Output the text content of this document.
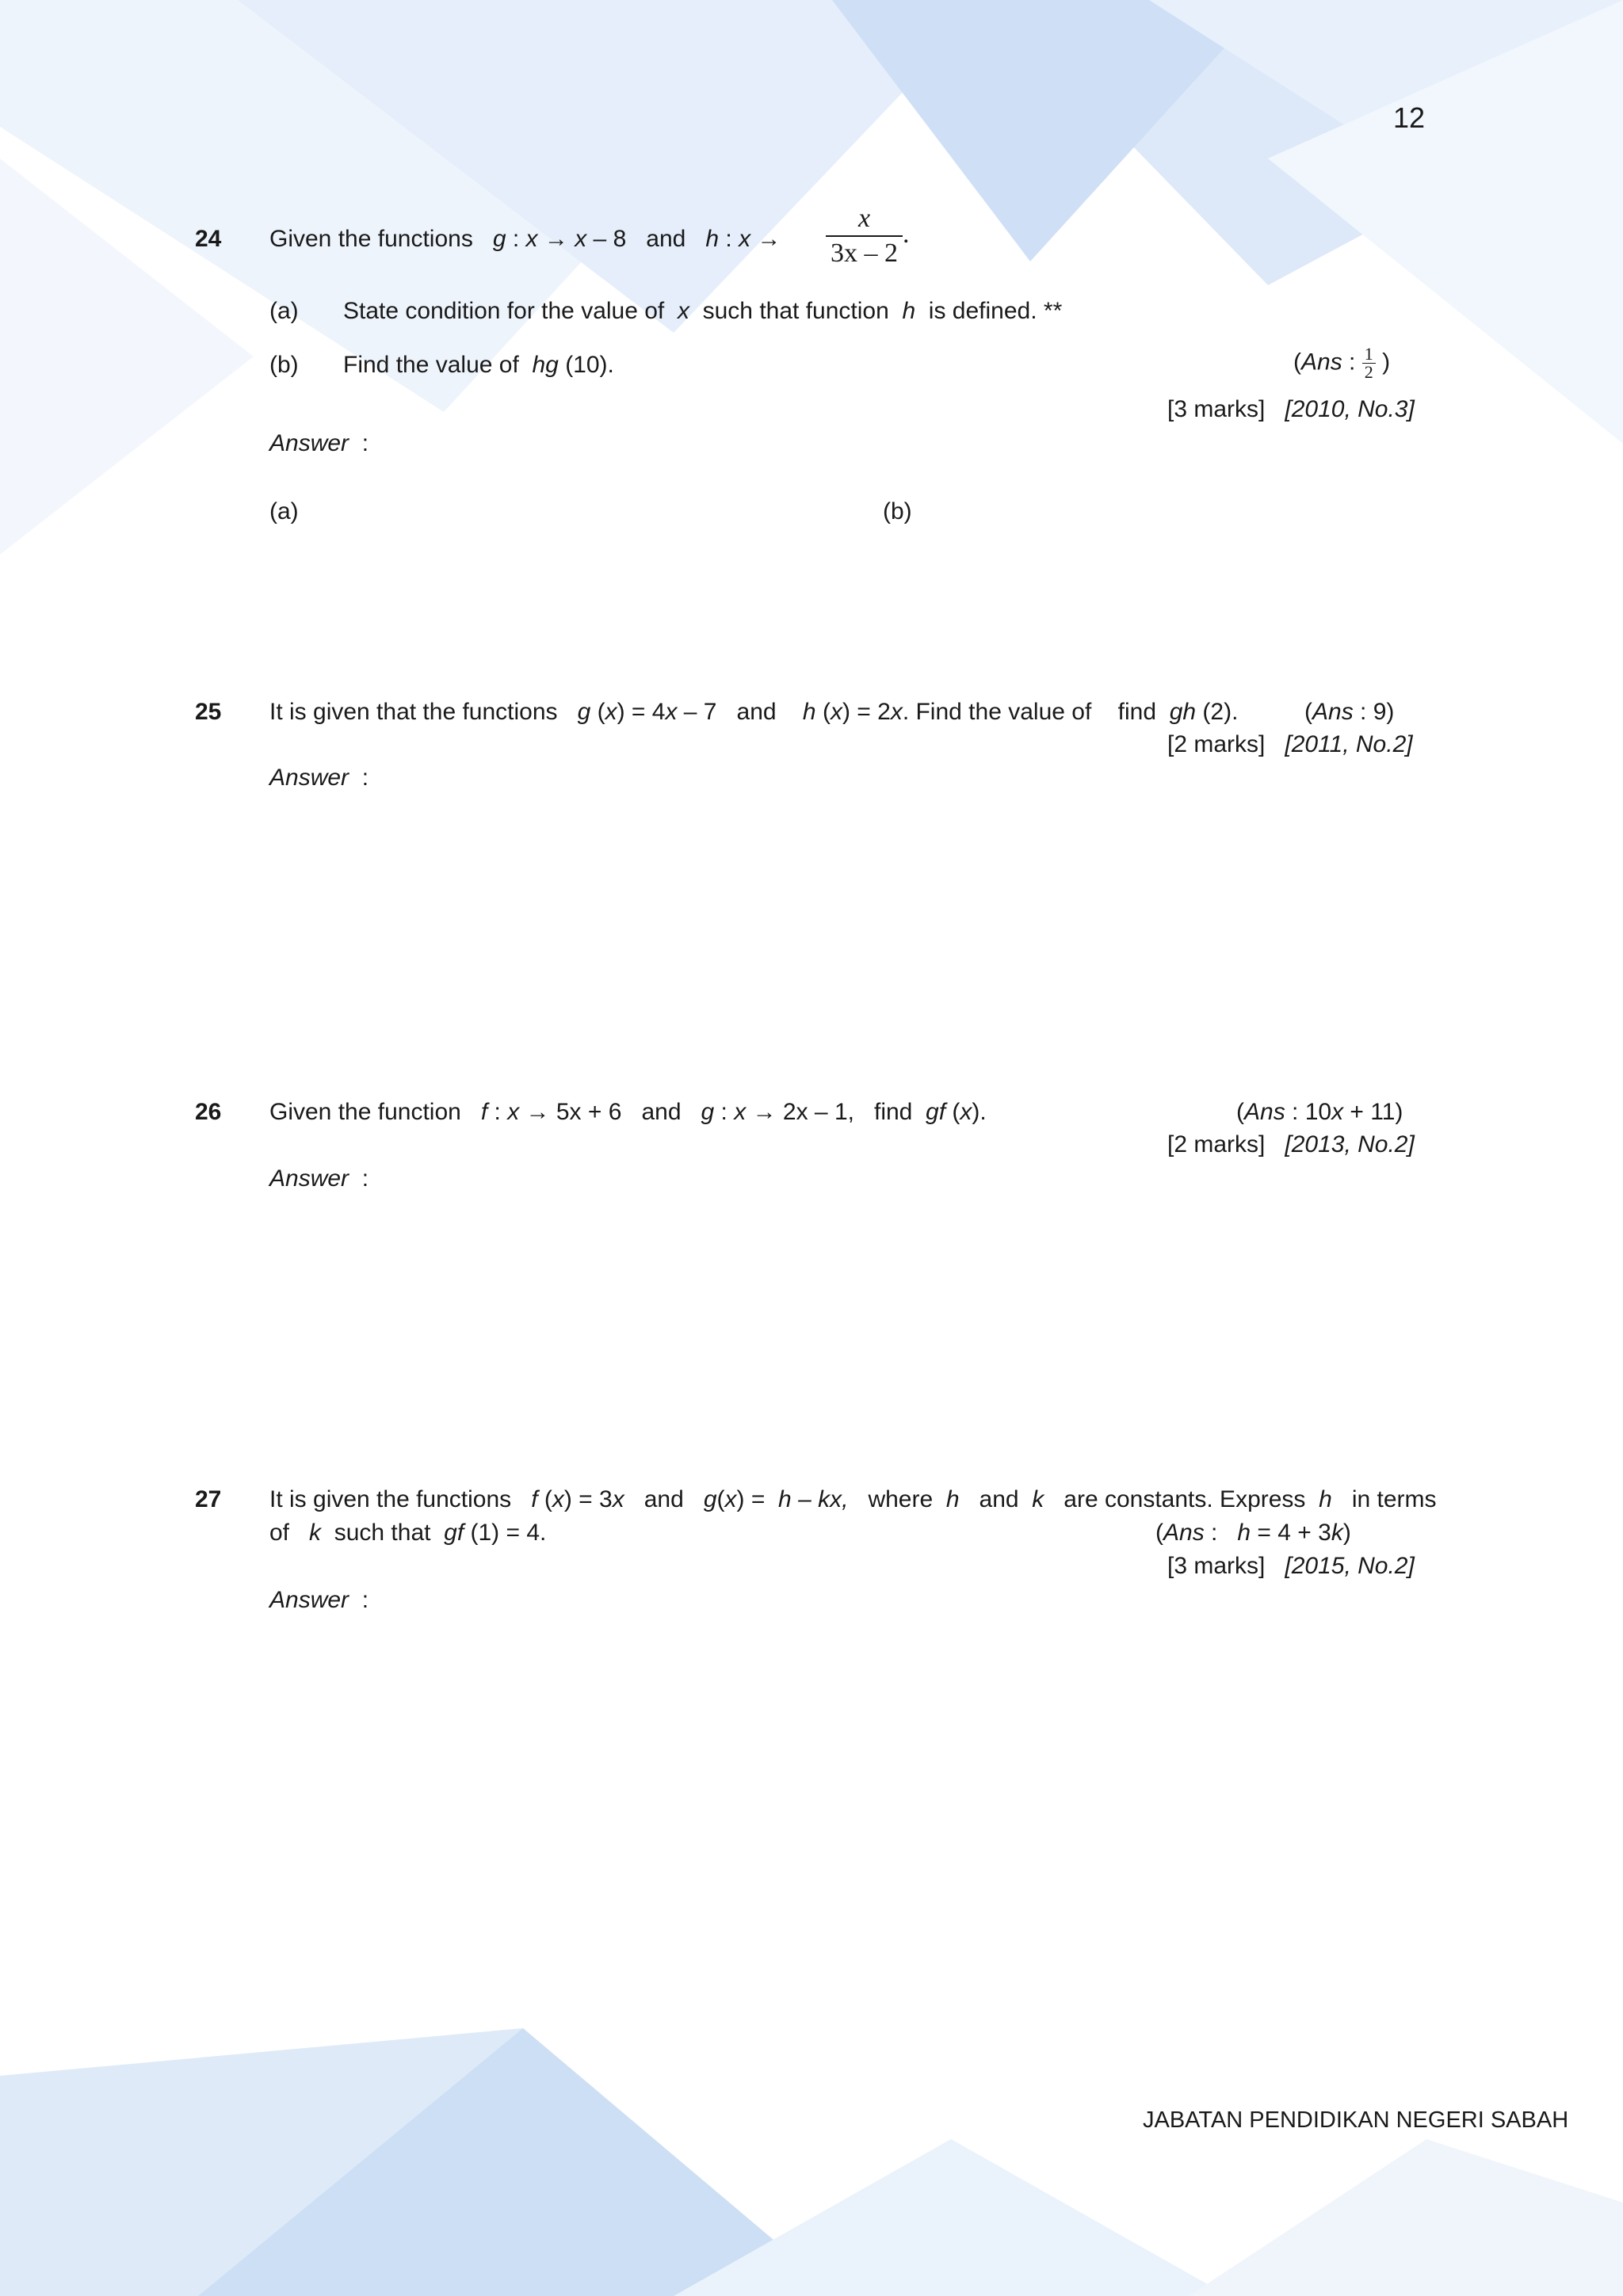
12
24 Given the functions g : x → x – 8 and h : $x \to \frac{x}{3x - 2}$ .
(a) State condition for the value of x such that function h is defined. **
(b) Find the value of hg (10).	(Ans : $\frac{1}{2}$ )
[3 marks] [2010, No.3]
Answer :
(a)	(b)
25 It is given that the functions g (x) = 4x – 7 and h (x) = 2x. Find the value of find gh (2).	(Ans : 9)
[2 marks] [2011, No.2]
Answer :
26 Given the function f : x → 5x + 6 and g : x → 2x – 1, find gf (x).	(Ans : 10x + 11)
[2 marks] [2013, No.2]
Answer :
27 It is given the functions f (x) = 3x and g(x) = h – kx, where h and k are constants. Express h in terms
of k such that gf (1) = 4.	(Ans : h = 4 + 3k)
[3 marks] [2015, No.2]
Answer :
JABATAN PENDIDIKAN NEGERI SABAH
